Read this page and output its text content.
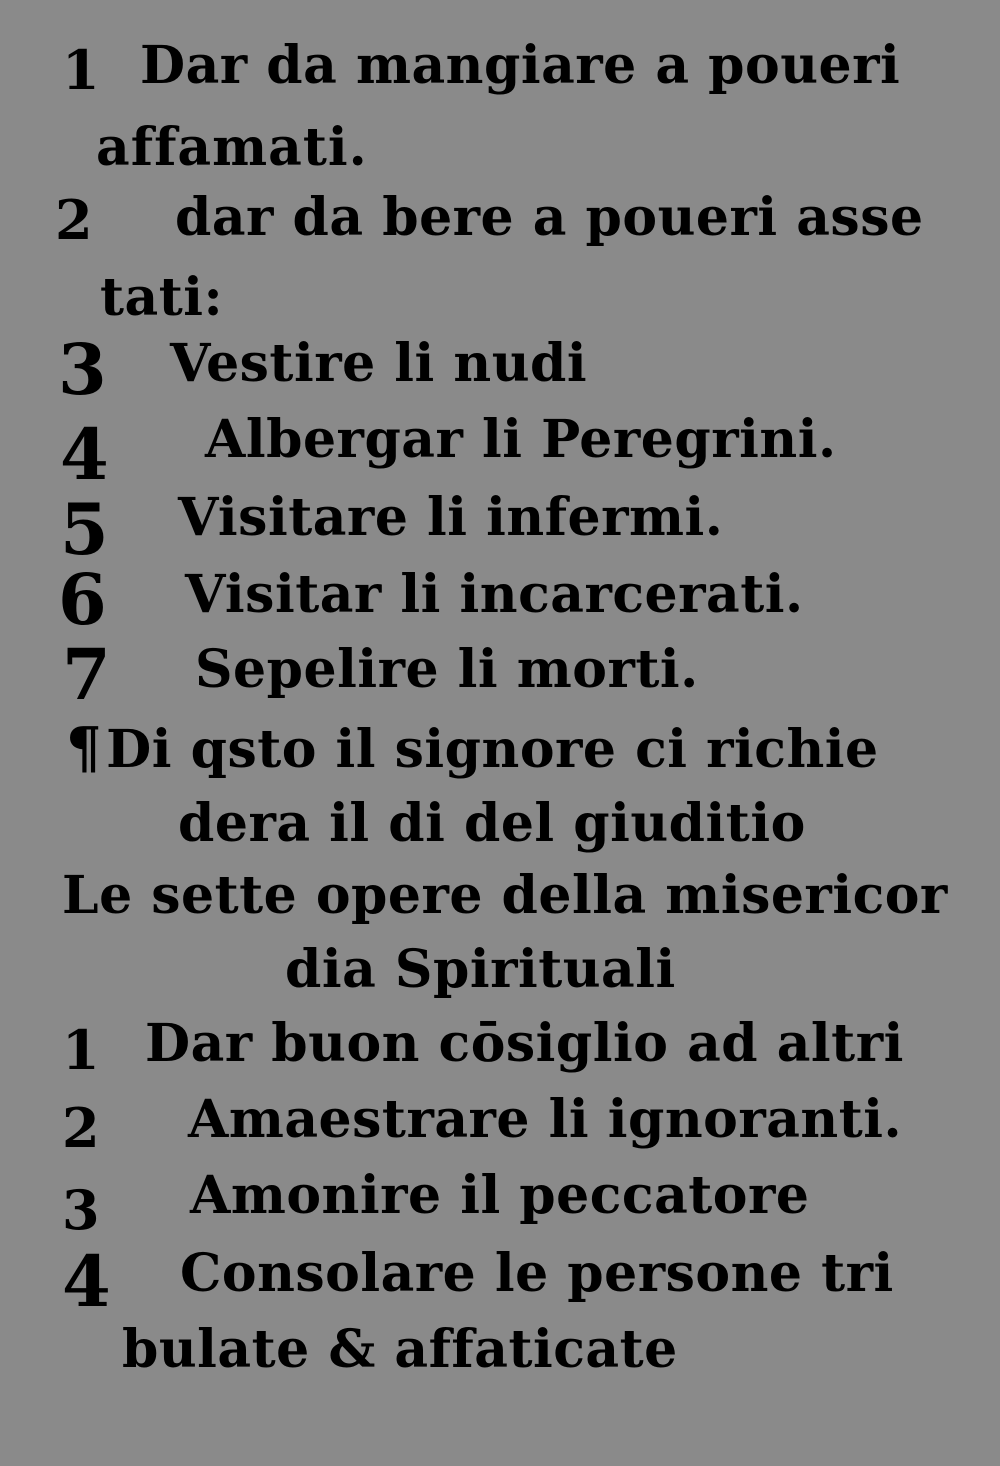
1 Dar da mangiare a poueri
affamati.
2 dar da bere a poueri asse
tati:
3 Vestire li nudi
4 Albergar li Peregrini.
5 Visitare li infermi.
6 Visitar li incarcerati.
7 Sepelire li morti.
¶Di qsto il signore ci richie
dera il di del giuditio
Le sette opere della misericor
dia Spirituali
1 Dar buon cōsiglio ad altri
2 Amaestrare li ignoranti.
3 Amonire il peccatore
4 Consolare le persone tri
bulate & affaticate
